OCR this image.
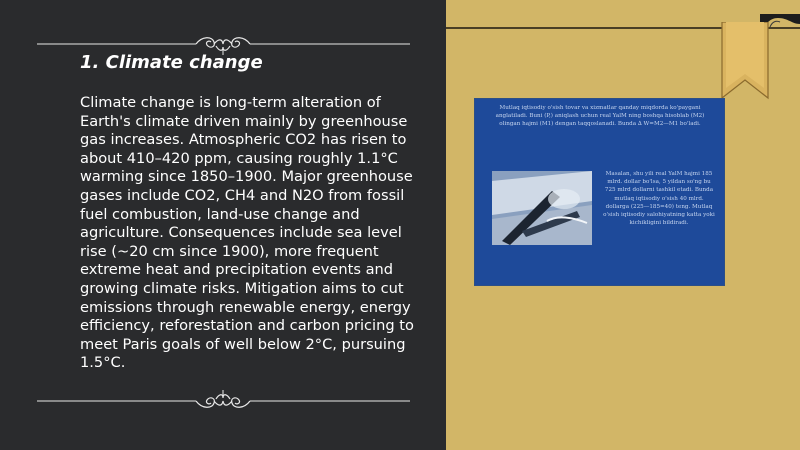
1. Climate change
Climate change is long-term alteration of Earth's climate driven mainly by greenhouse gas increases. Atmospheric CO2 has risen to about 410–420 ppm, causing roughly 1.1°C warming since 1850–1900. Major greenhouse gases include CO2, CH4 and N2O from fossil fuel combustion, land-use change and agriculture. Consequences include sea level rise (~20 cm since 1900), more frequent extreme heat and precipitation events and growing climate risks. Mitigation aims to cut emissions through renewable energy, energy efficiency, reforestation and carbon pricing to meet Paris goals of well below 2°C, pursuing 1.5°C.
Mutlaq iqtisodiy o'sish tovar va xizmatlar qanday miqdorda ko'paygani anglatiladi. Buni (P,) aniqlash uchun real YalM ning boshqa hisoblab (M2) olingan hajmi (M1) dengan taqqoslanadi. Bunda ∆ W=M2—M1 bo'ladi.
Masalan, shu yili real YalM hajmi 185 mlrd. dollar bo'lsa, 5 yildan so'ng bu 725 mlrd dollarni tashkil etadi. Bunda mutlaq iqtisodiy o'sish 40 mlrd. dollarga (225—185=40) teng. Mutlaq o'sish iqtisodiy salohiyatning katta yoki kichikligini bildiradi.
